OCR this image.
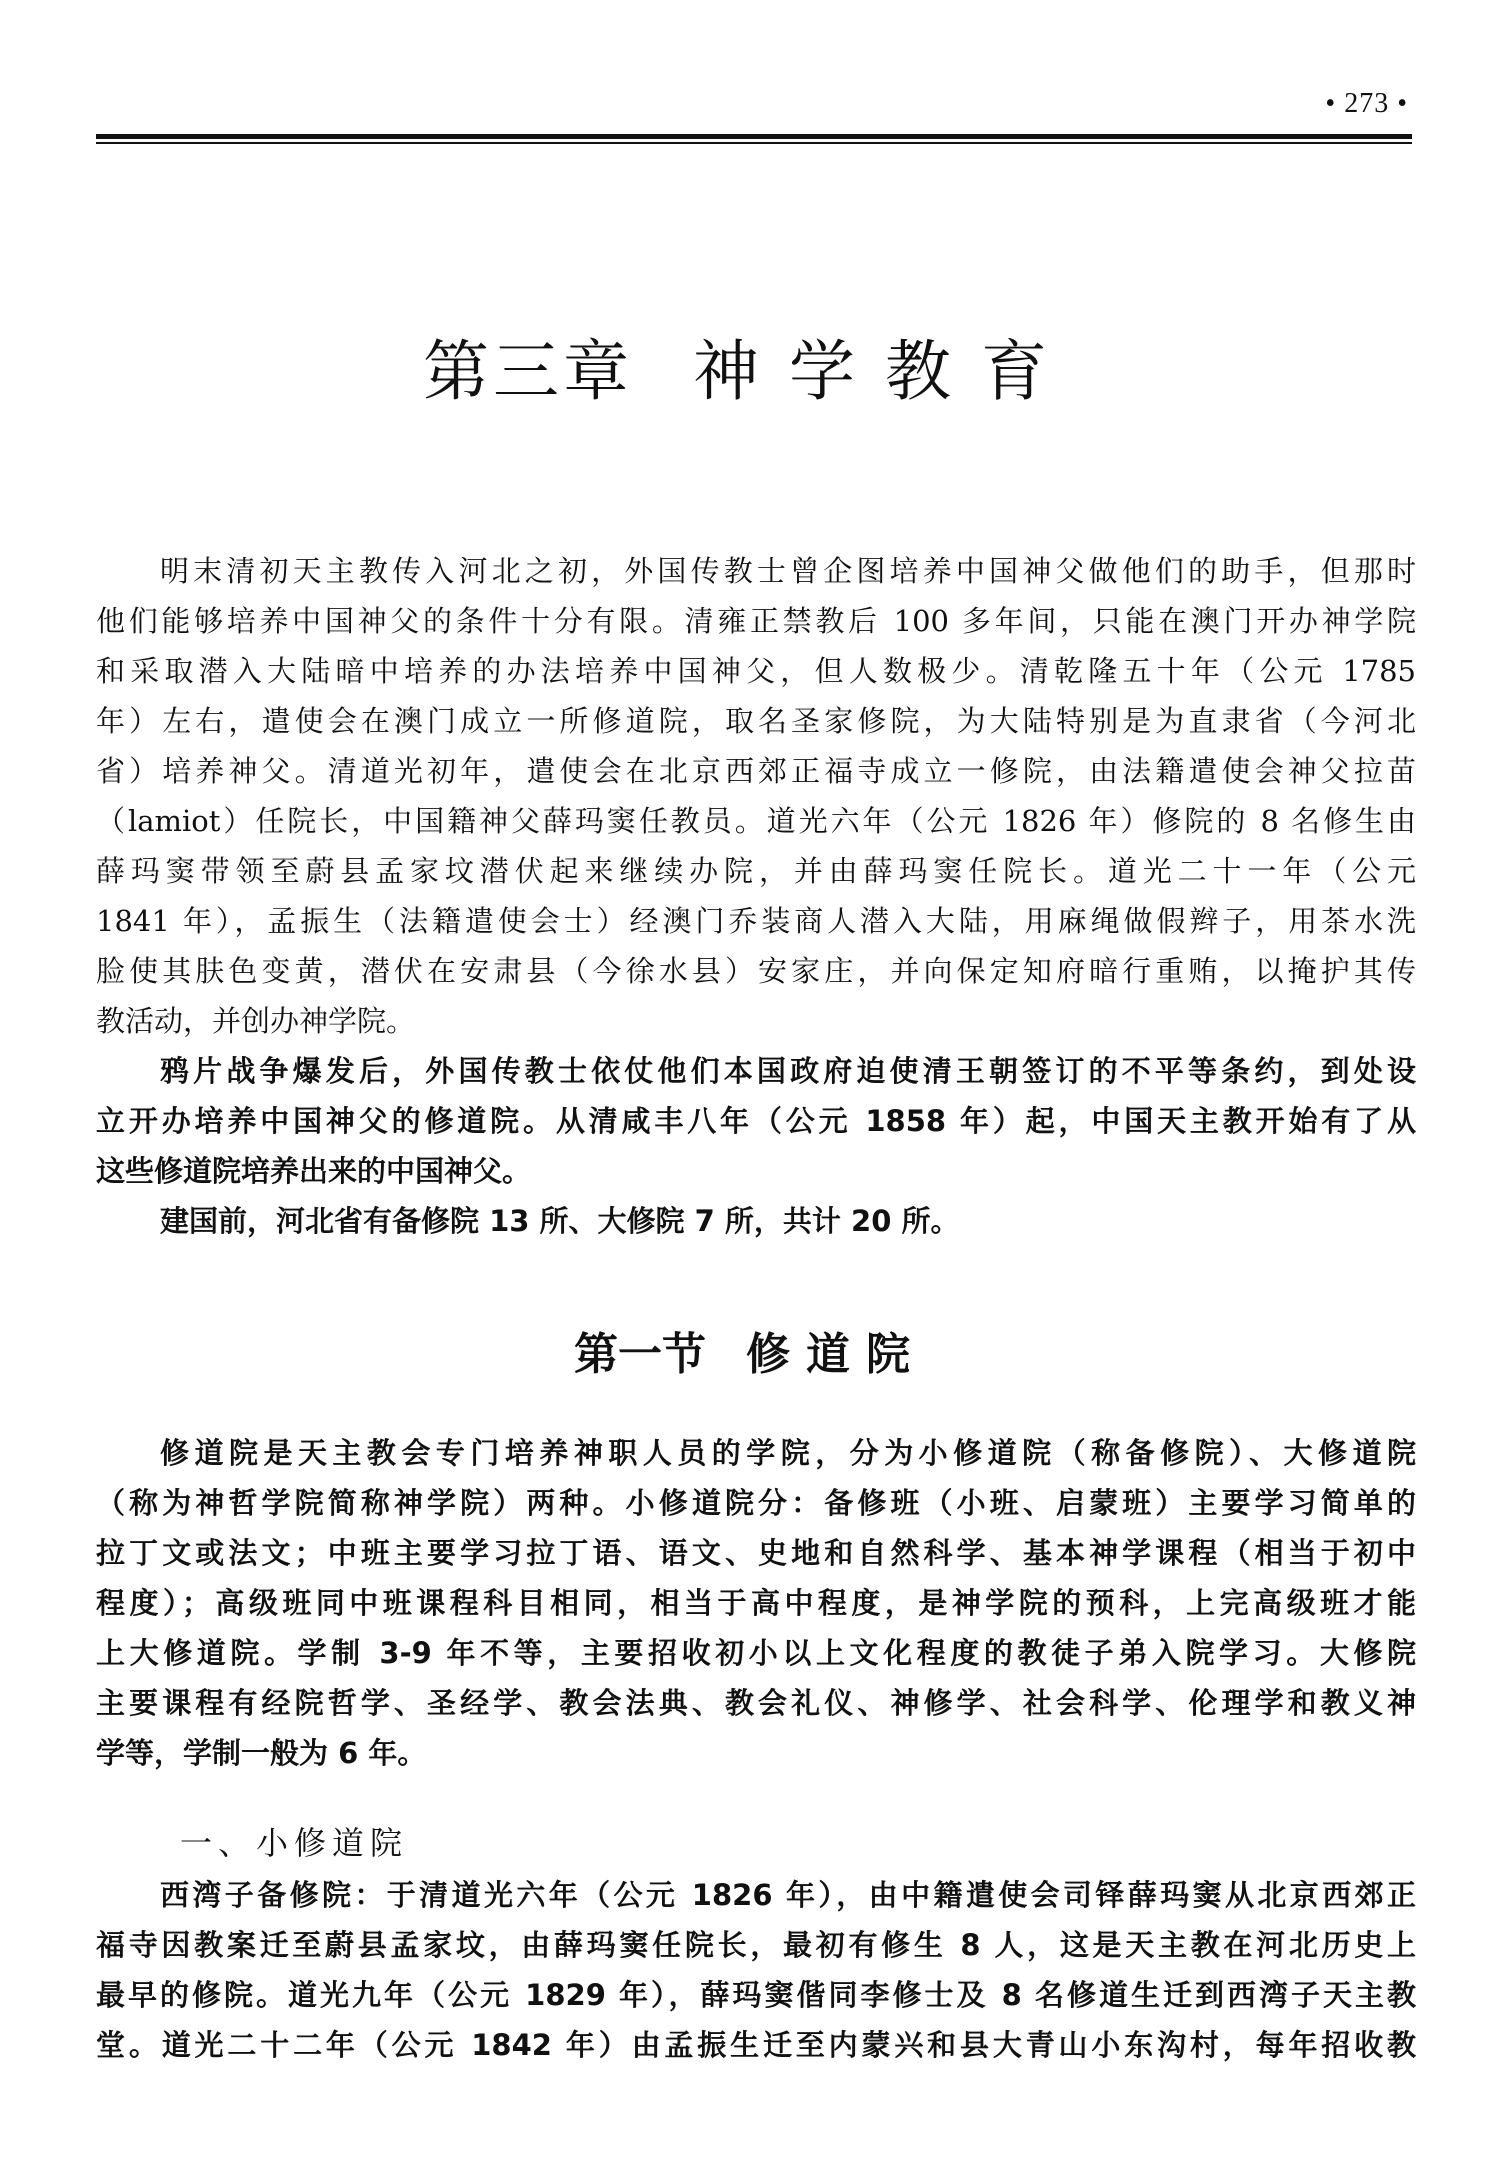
• 273 •
第三章 神学教育
明末清初天主教传入河北之初，外国传教士曾企图培养中国神父做他们的助手，但那时
他们能够培养中国神父的条件十分有限。清雍正禁教后 100 多年间，只能在澳门开办神学院
和采取潜入大陆暗中培养的办法培养中国神父，但人数极少。清乾隆五十年（公元 1785
年）左右，遣使会在澳门成立一所修道院，取名圣家修院，为大陆特别是为直隶省（今河北
省）培养神父。清道光初年，遣使会在北京西郊正福寺成立一修院，由法籍遣使会神父拉苗
（lamiot）任院长，中国籍神父薛玛窦任教员。道光六年（公元 1826 年）修院的 8 名修生由
薛玛窦带领至蔚县孟家坟潜伏起来继续办院，并由薛玛窦任院长。道光二十一年（公元
1841 年），孟振生（法籍遣使会士）经澳门乔装商人潜入大陆，用麻绳做假辫子，用茶水洗
脸使其肤色变黄，潜伏在安肃县（今徐水县）安家庄，并向保定知府暗行重贿，以掩护其传
教活动，并创办神学院。
鸦片战争爆发后，外国传教士依仗他们本国政府迫使清王朝签订的不平等条约，到处设
立开办培养中国神父的修道院。从清咸丰八年（公元 1858 年）起，中国天主教开始有了从
这些修道院培养出来的中国神父。
建国前，河北省有备修院 13 所、大修院 7 所，共计 20 所。
第一节 修道院
修道院是天主教会专门培养神职人员的学院，分为小修道院（称备修院）、大修道院
（称为神哲学院简称神学院）两种。小修道院分：备修班（小班、启蒙班）主要学习简单的
拉丁文或法文；中班主要学习拉丁语、语文、史地和自然科学、基本神学课程（相当于初中
程度）；高级班同中班课程科目相同，相当于高中程度，是神学院的预科，上完高级班才能
上大修道院。学制 3-9 年不等，主要招收初小以上文化程度的教徒子弟入院学习。大修院
主要课程有经院哲学、圣经学、教会法典、教会礼仪、神修学、社会科学、伦理学和教义神
学等，学制一般为 6 年。
一、小修道院
西湾子备修院：于清道光六年（公元 1826 年），由中籍遣使会司铎薛玛窦从北京西郊正
福寺因教案迁至蔚县孟家坟，由薛玛窦任院长，最初有修生 8 人，这是天主教在河北历史上
最早的修院。道光九年（公元 1829 年），薛玛窦偕同李修士及 8 名修道生迁到西湾子天主教
堂。道光二十二年（公元 1842 年）由孟振生迁至内蒙兴和县大青山小东沟村，每年招收教
